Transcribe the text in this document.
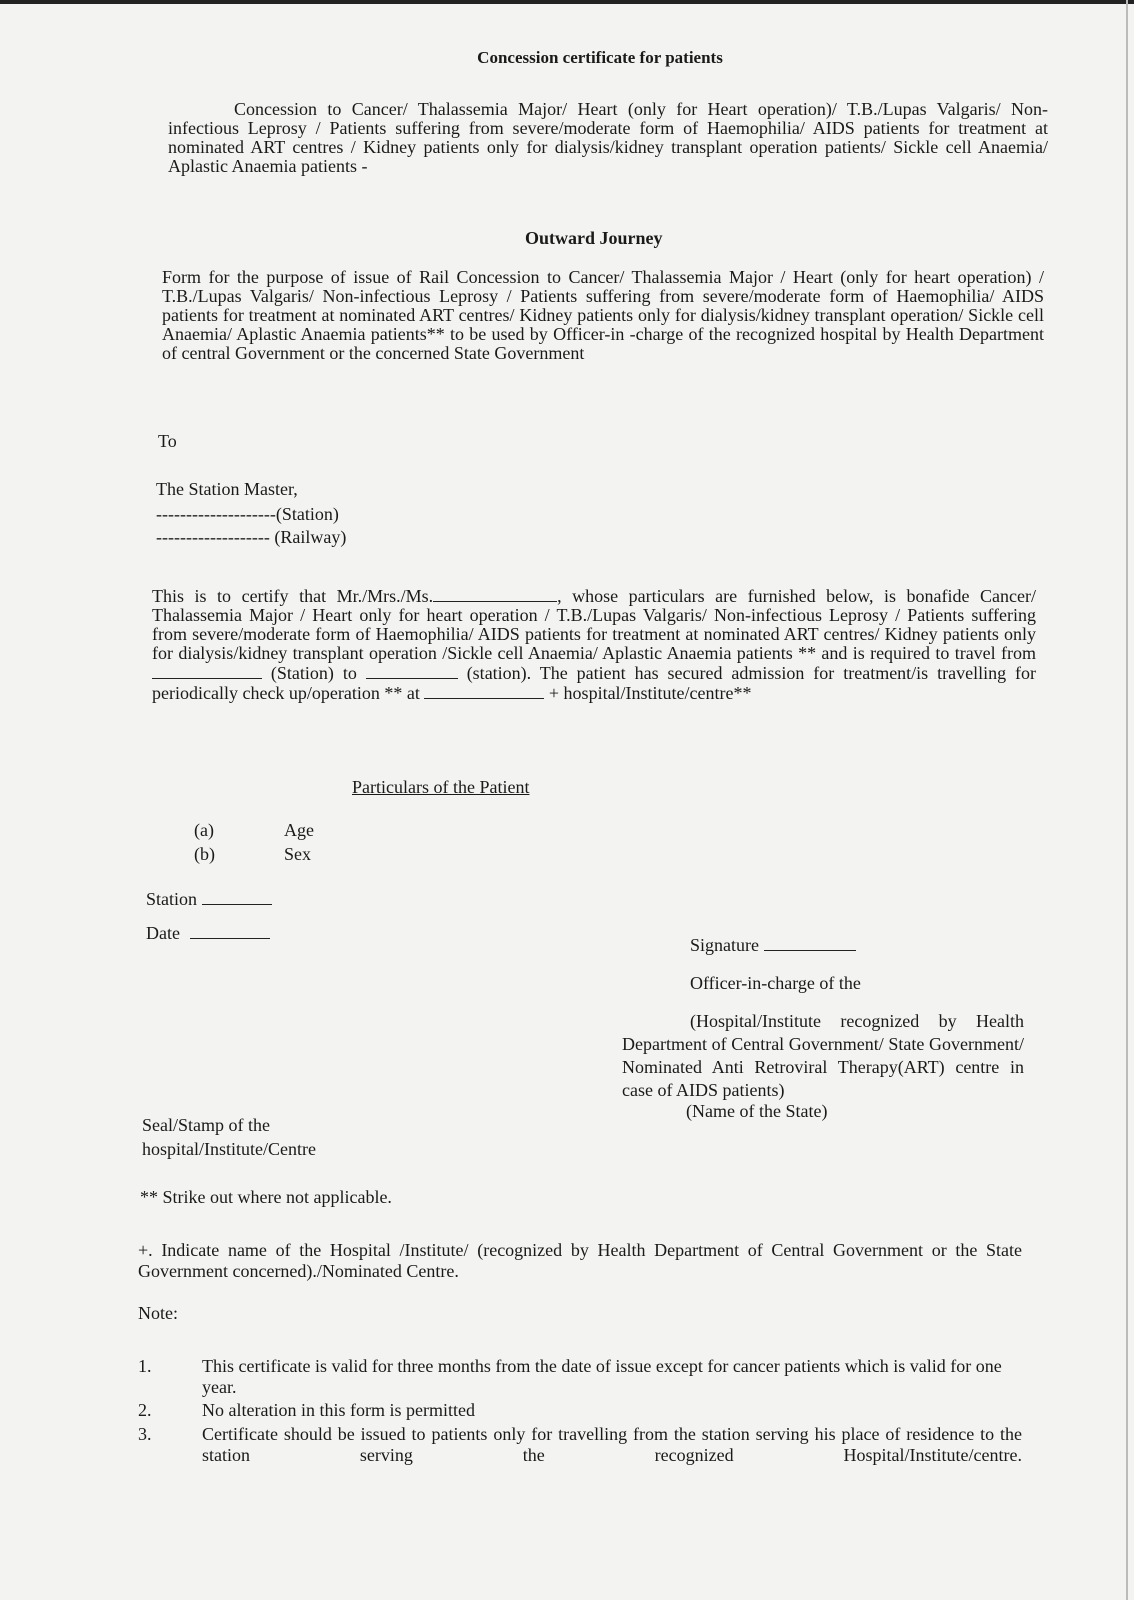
Concession certificate for patients
Concession to Cancer/ Thalassemia Major/ Heart (only for Heart operation)/ T.B./Lupas Valgaris/ Non-infectious Leprosy / Patients suffering from severe/moderate form of Haemophilia/ AIDS patients for treatment at nominated ART centres / Kidney patients only for dialysis/kidney transplant operation patients/ Sickle cell Anaemia/ Aplastic Anaemia patients -
Outward Journey
Form for the purpose of issue of Rail Concession to Cancer/ Thalassemia Major / Heart (only for heart operation) / T.B./Lupas Valgaris/ Non-infectious Leprosy / Patients suffering from severe/moderate form of Haemophilia/ AIDS patients for treatment at nominated ART centres/ Kidney patients only for dialysis/kidney transplant operation/ Sickle cell Anaemia/ Aplastic Anaemia patients** to be used by Officer-in -charge of the recognized hospital by Health Department of central Government or the concerned State Government
To
The Station Master,
--------------------(Station)
------------------- (Railway)
This is to certify that Mr./Mrs./Ms.	, whose particulars are furnished below, is bonafide Cancer/ Thalassemia Major / Heart only for heart operation / T.B./Lupas Valgaris/ Non-infectious Leprosy / Patients suffering from severe/moderate form of Haemophilia/ AIDS patients for treatment at nominated ART centres/ Kidney patients only for dialysis/kidney transplant operation /Sickle cell Anaemia/ Aplastic Anaemia patients ** and is required to travel from  (Station) to	(station). The patient has secured admission for treatment/is travelling for periodically check up/operation ** at	+ hospital/Institute/centre**
Particulars of the Patient
(a)	Age
(b)	Sex
Station
Date
Signature
Officer-in-charge of the
(Hospital/Institute recognized by Health Department of Central Government/ State Government/ Nominated Anti Retroviral Therapy(ART) centre in case of AIDS patients)
(Name of the State)
Seal/Stamp of the
hospital/Institute/Centre
** Strike out where not applicable.
+. Indicate name of the Hospital /Institute/ (recognized by Health Department of Central Government or the State Government concerned)./Nominated Centre.
Note:
1.	This certificate is valid for three months from the date of issue except for cancer patients which is valid for one year.
2.	No alteration in this form is permitted
3.	Certificate should be issued to patients only for travelling from the station serving his place of residence to the station serving the recognized Hospital/Institute/centre.
